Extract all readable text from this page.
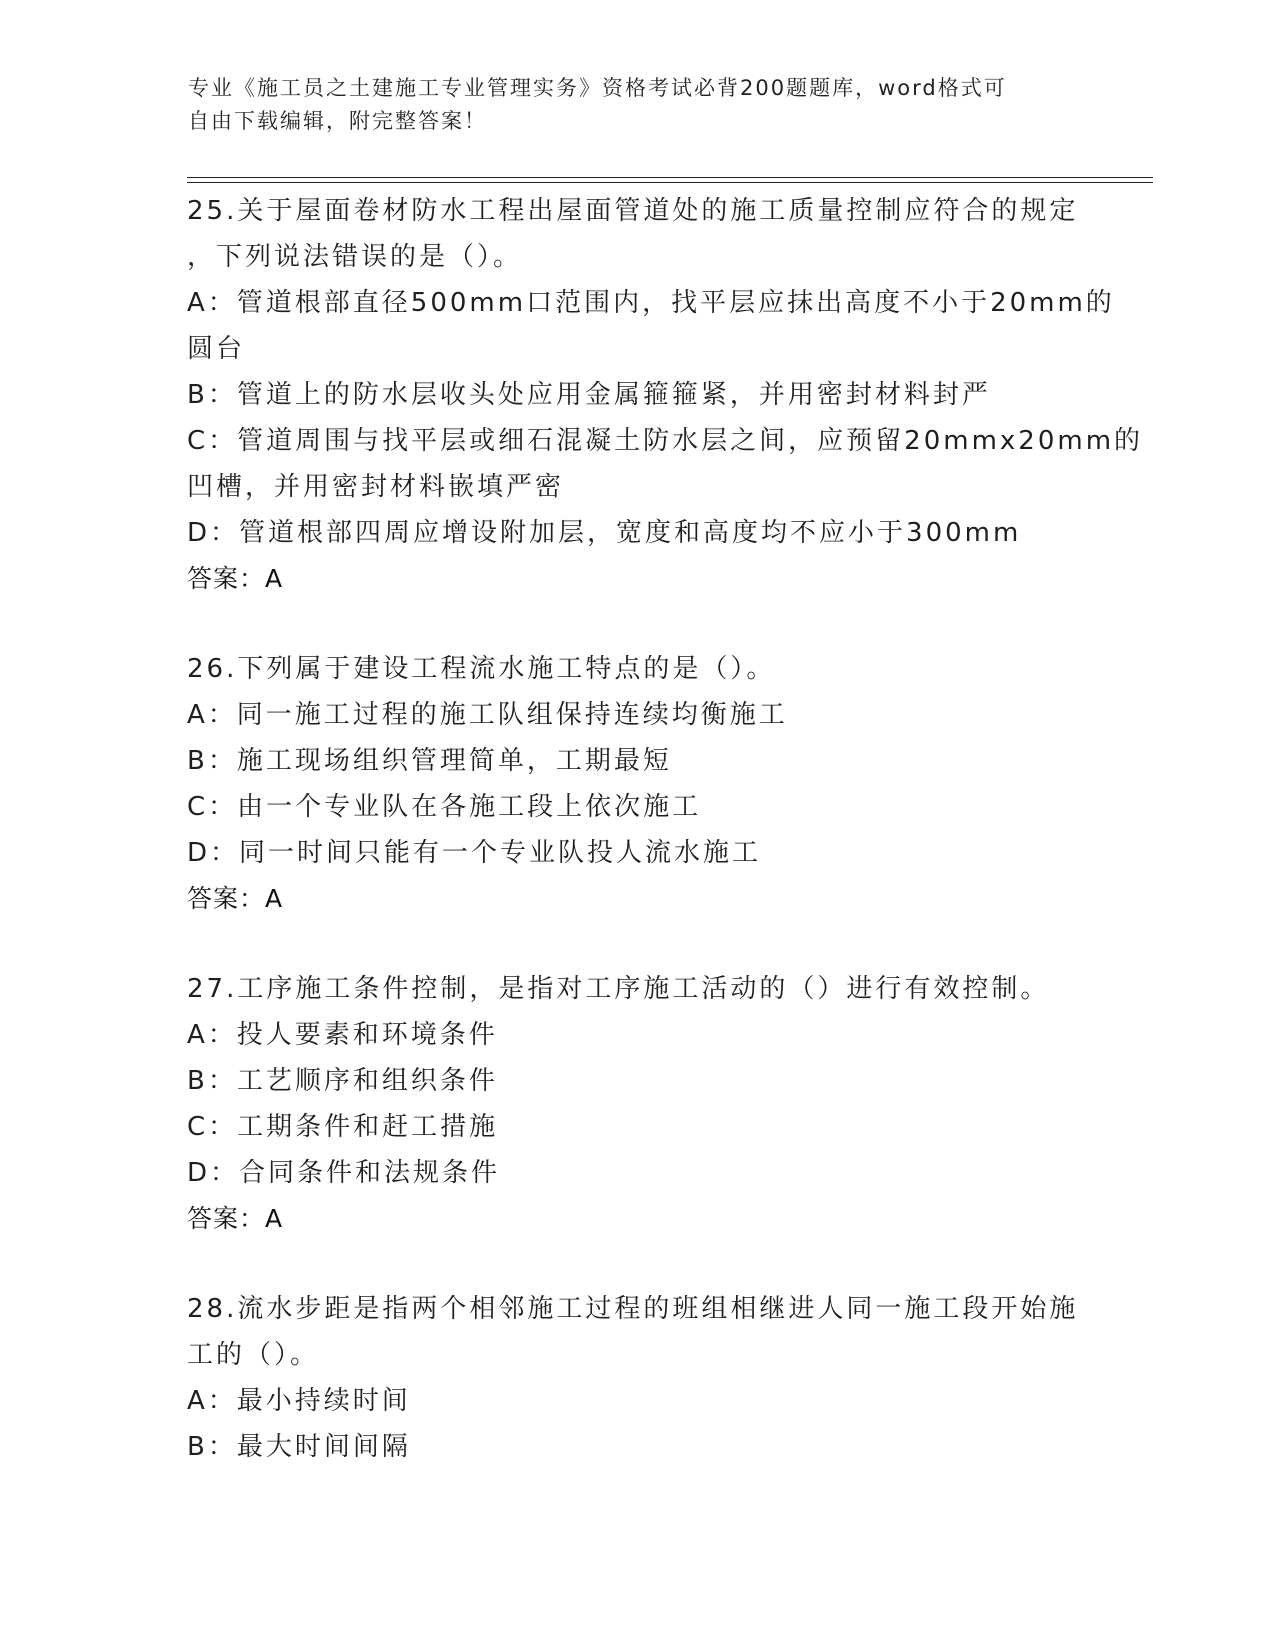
专业《施工员之土建施工专业管理实务》资格考试必背200题题库，word格式可
自由下载编辑，附完整答案！
25.关于屋面卷材防水工程出屋面管道处的施工质量控制应符合的规定
，下列说法错误的是（）。
A：管道根部直径500mm口范围内，找平层应抹出高度不小于20mm的
圆台
B：管道上的防水层收头处应用金属箍箍紧，并用密封材料封严
C：管道周围与找平层或细石混凝土防水层之间，应预留20mmx20mm的
凹槽，并用密封材料嵌填严密
D：管道根部四周应增设附加层，宽度和高度均不应小于300mm
答案：A
26.下列属于建设工程流水施工特点的是（）。
A：同一施工过程的施工队组保持连续均衡施工
B：施工现场组织管理简单，工期最短
C：由一个专业队在各施工段上依次施工
D：同一时间只能有一个专业队投人流水施工
答案：A
27.工序施工条件控制，是指对工序施工活动的（）进行有效控制。
A：投人要素和环境条件
B：工艺顺序和组织条件
C：工期条件和赶工措施
D：合同条件和法规条件
答案：A
28.流水步距是指两个相邻施工过程的班组相继进人同一施工段开始施
工的（）。
A：最小持续时间
B：最大时间间隔
